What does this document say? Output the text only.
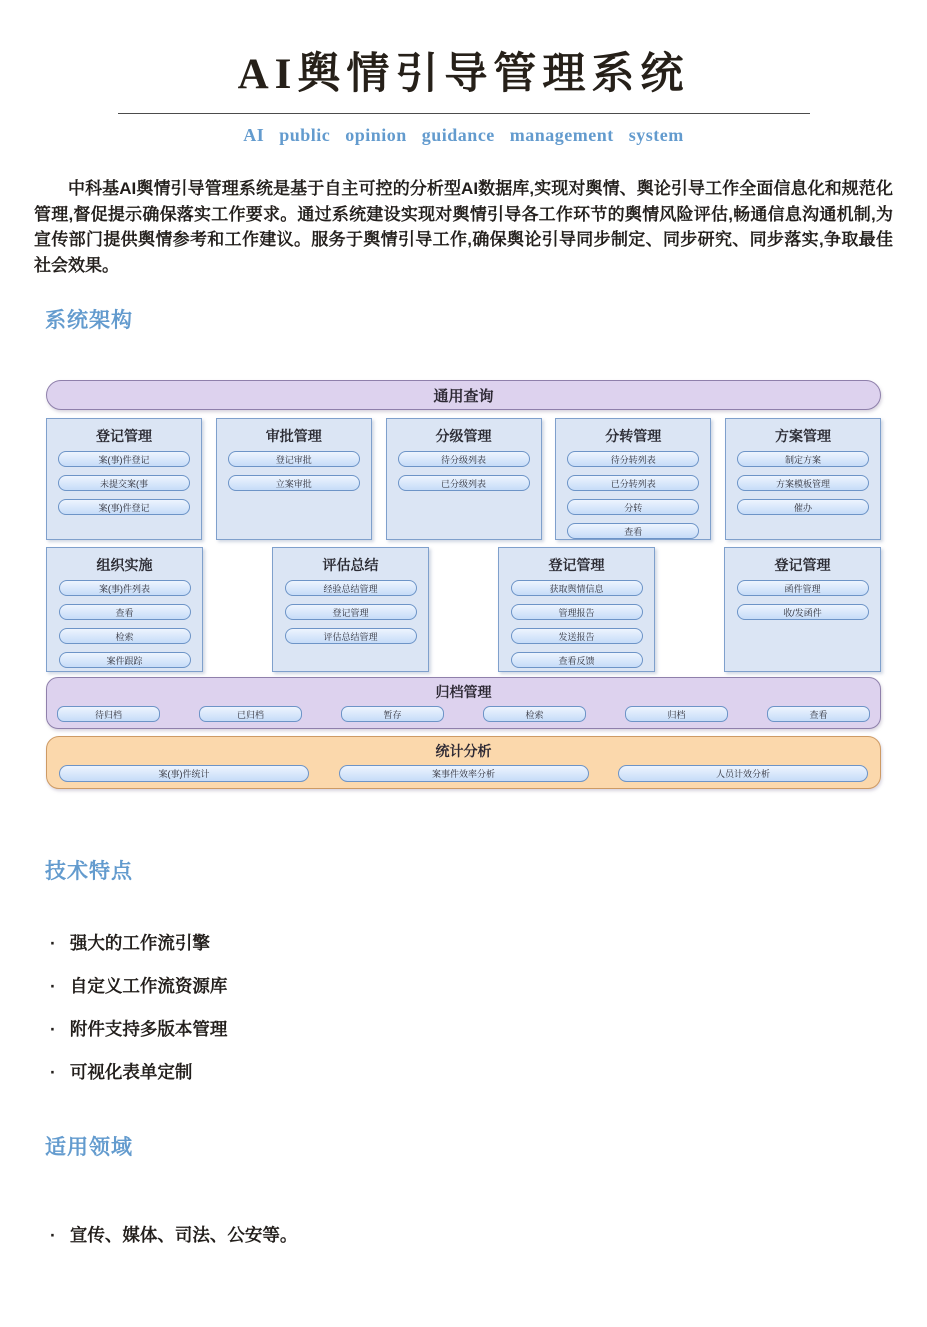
AI舆情引导管理系统
AI public opinion guidance management system

中科基AI舆情引导管理系统是基于自主可控的分析型AI数据库,实现对舆情、舆论引导工作全面信息化和规范化管理,督促提示确保落实工作要求。通过系统建设实现对舆情引导各工作环节的舆情风险评估,畅通信息沟通机制,为宣传部门提供舆情参考和工作建议。服务于舆情引导工作,确保舆论引导同步制定、同步研究、同步落实,争取最佳社会效果。

系统架构
通用查询
登记管理
案(事)件登记
未提交案(事
案(事)件登记
审批管理
登记审批
立案审批
分级管理
待分级列表
已分级列表
分转管理
待分转列表
已分转列表
分转
查看
方案管理
制定方案
方案模板管理
催办
组织实施
案(事)件列表
查看
检索
案件跟踪
评估总结
经验总结管理
登记管理
评估总结管理
登记管理
获取舆情信息
管理报告
发送报告
查看反馈
登记管理
函件管理
收/发函件
归档管理
待归档	已归档	暂存	检索	归档	查看
统计分析
案(事)件统计	案事件效率分析	人员计效分析
技术特点
· 强大的工作流引擎
· 自定义工作流资源库
· 附件支持多版本管理
· 可视化表单定制
适用领域
· 宣传、媒体、司法、公安等。
